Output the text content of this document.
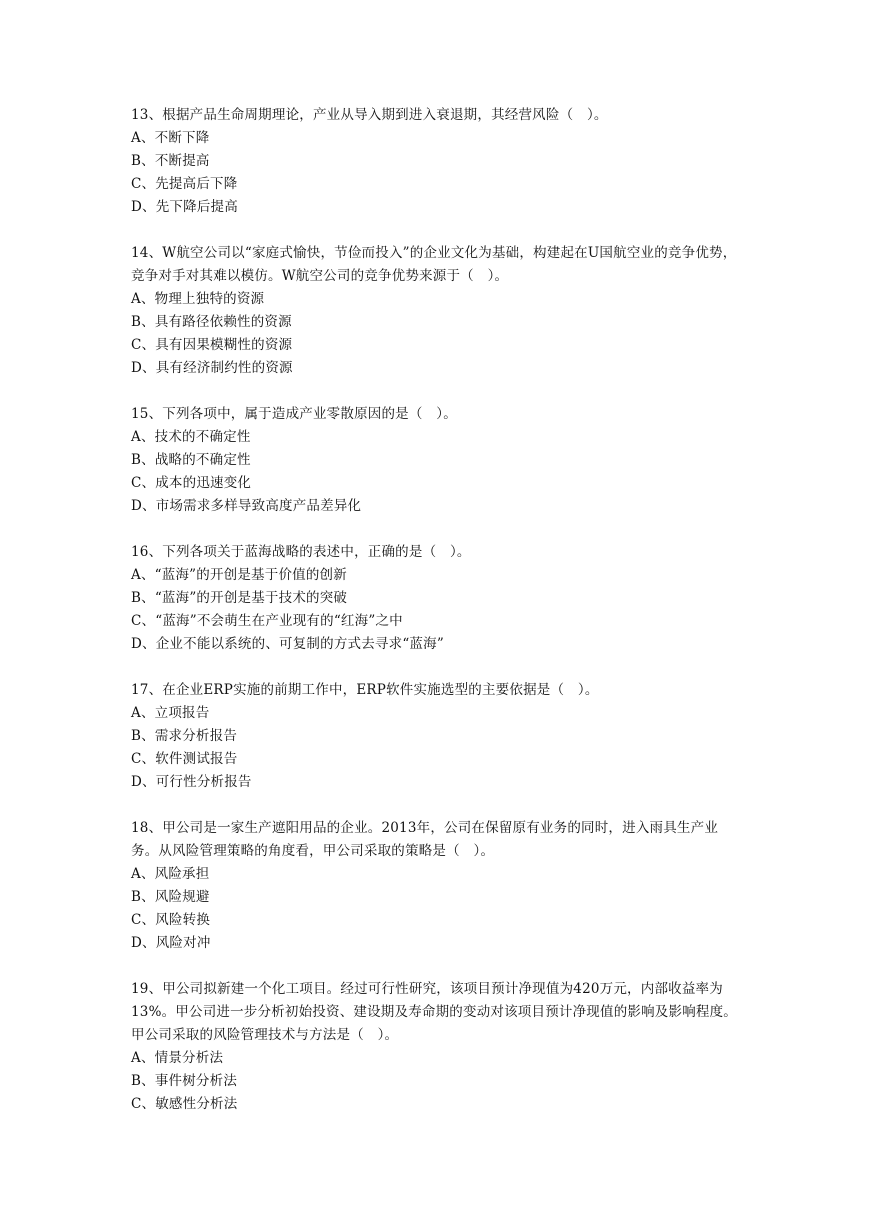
13、根据产品生命周期理论，产业从导入期到进入衰退期，其经营风险（　）。

A、不断下降

B、不断提高

C、先提高后下降

D、先下降后提高

14、W航空公司以“家庭式愉快，节俭而投入”的企业文化为基础，构建起在U国航空业的竞争优势，竞争对手对其难以模仿。W航空公司的竞争优势来源于（　）。

A、物理上独特的资源

B、具有路径依赖性的资源

C、具有因果模糊性的资源

D、具有经济制约性的资源

15、下列各项中，属于造成产业零散原因的是（　）。

A、技术的不确定性

B、战略的不确定性

C、成本的迅速变化

D、市场需求多样导致高度产品差异化

16、下列各项关于蓝海战略的表述中，正确的是（　）。

A、“蓝海”的开创是基于价值的创新

B、“蓝海”的开创是基于技术的突破

C、“蓝海”不会萌生在产业现有的“红海”之中

D、企业不能以系统的、可复制的方式去寻求“蓝海”

17、在企业ERP实施的前期工作中，ERP软件实施选型的主要依据是（　）。

A、立项报告

B、需求分析报告

C、软件测试报告

D、可行性分析报告

18、甲公司是一家生产遮阳用品的企业。2013年，公司在保留原有业务的同时，进入雨具生产业务。从风险管理策略的角度看，甲公司采取的策略是（　）。

A、风险承担

B、风险规避

C、风险转换

D、风险对冲

19、甲公司拟新建一个化工项目。经过可行性研究，该项目预计净现值为420万元，内部收益率为13%。甲公司进一步分析初始投资、建设期及寿命期的变动对该项目预计净现值的影响及影响程度。甲公司采取的风险管理技术与方法是（　）。

A、情景分析法

B、事件树分析法

C、敏感性分析法
